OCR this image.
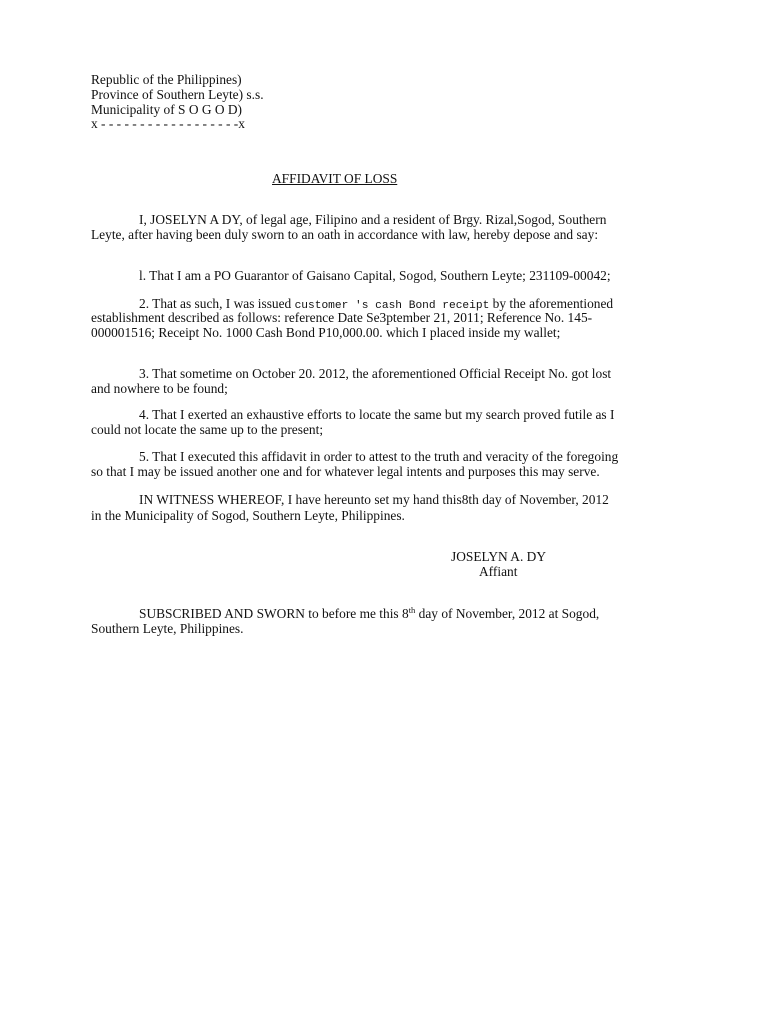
Republic of the Philippines)
Province of Southern Leyte) s.s.
Municipality of S O G O D)
x - - - - - - - - - - - - - - - - - -x
AFFIDAVIT OF LOSS
I, JOSELYN A DY, of legal age, Filipino and a resident of Brgy. Rizal,Sogod, Southern
Leyte, after having been duly sworn to an oath in accordance with law, hereby depose and say:
l. That I am a PO Guarantor of Gaisano Capital, Sogod, Southern Leyte; 231109-00042;
2. That as such, I was issued customer 's cash Bond receipt by the aforementioned
establishment described as follows: reference Date Se3ptember 21, 2011; Reference No. 145-
000001516; Receipt No. 1000 Cash Bond P10,000.00. which I placed inside my wallet;
3. That sometime on October 20. 2012, the aforementioned Official Receipt No. got lost
and nowhere to be found;
4. That I exerted an exhaustive efforts to locate the same but my search proved futile as I
could not locate the same up to the present;
5. That I executed this affidavit in order to attest to the truth and veracity of the foregoing
so that I may be issued another one and for whatever legal intents and purposes this may serve.
IN WITNESS WHEREOF, I have hereunto set my hand this8th day of November, 2012
in the Municipality of Sogod, Southern Leyte, Philippines.
JOSELYN A. DY
Affiant
SUBSCRIBED AND SWORN to before me this 8th day of November, 2012 at Sogod,
Southern Leyte, Philippines.
